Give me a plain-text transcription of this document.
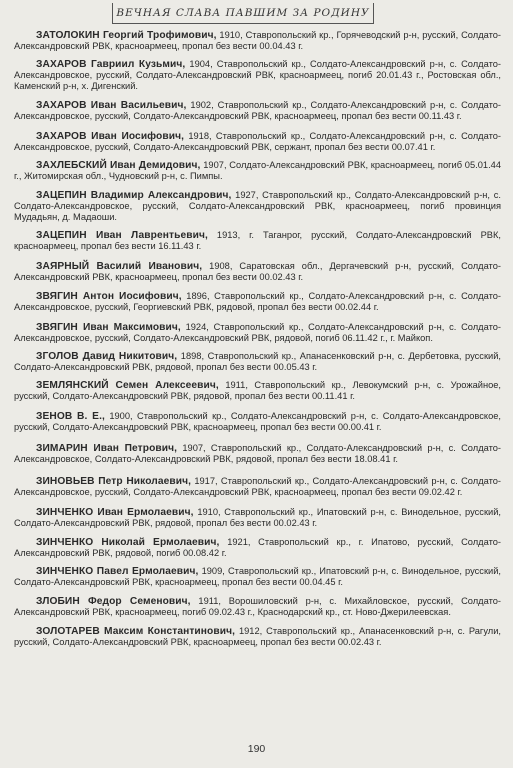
ВЕЧНАЯ СЛАВА ПАВШИМ ЗА РОДИНУ

ЗАТОЛОКИН Георгий Трофимович, 1910, Ставропольский кр., Горячеводский р-н, русский, Солдато-Александровский РВК, красноармеец, пропал без вести 00.04.43 г.

ЗАХАРОВ Гавриил Кузьмич, 1904, Ставропольский кр., Солдато-Александровский р-н, с. Солдато-Александровское, русский, Солдато-Александровский РВК, красноармеец, погиб 20.01.43 г., Ростовская обл., Каменский р-н, х. Дигенский.

ЗАХАРОВ Иван Васильевич, 1902, Ставропольский кр., Солдато-Александровский р-н, с. Солдато-Александровское, русский, Солдато-Александровский РВК, красноармеец, пропал без вести 00.11.43 г.

ЗАХАРОВ Иван Иосифович, 1918, Ставропольский кр., Солдато-Александровский р-н, с. Солдато-Александровское, русский, Солдато-Александровский РВК, сержант, пропал без вести 00.07.41 г.

ЗАХЛЕБСКИЙ Иван Демидович, 1907, Солдато-Александровский РВК, красноармеец, погиб 05.01.44 г., Житомирская обл., Чудновский р-н, с. Пимпы.

ЗАЦЕПИН Владимир Александрович, 1927, Ставропольский кр., Солдато-Александровский р-н, с. Солдато-Александровское, русский, Солдато-Александровский РВК, красноармеец, погиб провинция Мудадьян, д. Мадаоши.

ЗАЦЕПИН Иван Лаврентьевич, 1913, г. Таганрог, русский, Солдато-Александровский РВК, красноармеец, пропал без вести 16.11.43 г.

ЗАЯРНЫЙ Василий Иванович, 1908, Саратовская обл., Дергачевский р-н, русский, Солдато-Александровский РВК, красноармеец, пропал без вести 00.02.43 г.

ЗВЯГИН Антон Иосифович, 1896, Ставропольский кр., Солдато-Александровский р-н, с. Солдато-Александровское, русский, Георгиевский РВК, рядовой, пропал без вести 00.02.44 г.

ЗВЯГИН Иван Максимович, 1924, Ставропольский кр., Солдато-Александровский р-н, с. Солдато-Александровское, русский, Солдато-Александровский РВК, рядовой, погиб 06.11.42 г., г. Майкоп.

ЗГОЛОВ Давид Никитович, 1898, Ставропольский кр., Апанасенковский р-н, с. Дербетовка, русский, Солдато-Александровский РВК, рядовой, пропал без вести 00.05.43 г.

ЗЕМЛЯНСКИЙ Семен Алексеевич, 1911, Ставропольский кр., Левокумский р-н, с. Урожайное, русский, Солдато-Александровский РВК, рядовой, пропал без вести 00.11.41 г.

ЗЕНОВ В. Е., 1900, Ставропольский кр., Солдато-Александровский р-н, с. Солдато-Александровское, русский, Солдато-Александровский РВК, красноармеец, пропал без вести 00.00.41 г.

ЗИМАРИН Иван Петрович, 1907, Ставропольский кр., Солдато-Александровский р-н, с. Солдато-Александровское, Солдато-Александровский РВК, рядовой, пропал без вести 18.08.41 г.

ЗИНОВЬЕВ Петр Николаевич, 1917, Ставропольский кр., Солдато-Александровский р-н, с. Солдато-Александровское, русский, Солдато-Александровский РВК, красноармеец, пропал без вести 09.02.42 г.

ЗИНЧЕНКО Иван Ермолаевич, 1910, Ставропольский кр., Ипатовский р-н, с. Винодельное, русский, Солдато-Александровский РВК, рядовой, пропал без вести 00.02.43 г.

ЗИНЧЕНКО Николай Ермолаевич, 1921, Ставропольский кр., г. Ипатово, русский, Солдато-Александровский РВК, рядовой, погиб 00.08.42 г.

ЗИНЧЕНКО Павел Ермолаевич, 1909, Ставропольский кр., Ипатовский р-н, с. Винодельное, русский, Солдато-Александровский РВК, красноармеец, пропал без вести 00.04.45 г.

ЗЛОБИН Федор Семенович, 1911, Ворошиловский р-н, с. Михайловское, русский, Солдато-Александровский РВК, красноармеец, погиб 09.02.43 г., Краснодарский кр., ст. Ново-Джерилеевская.

ЗОЛОТАРЕВ Максим Константинович, 1912, Ставропольский кр., Апанасенковский р-н, с. Рагули, русский, Солдато-Александровский РВК, красноармеец, пропал без вести 00.02.43 г.

190
